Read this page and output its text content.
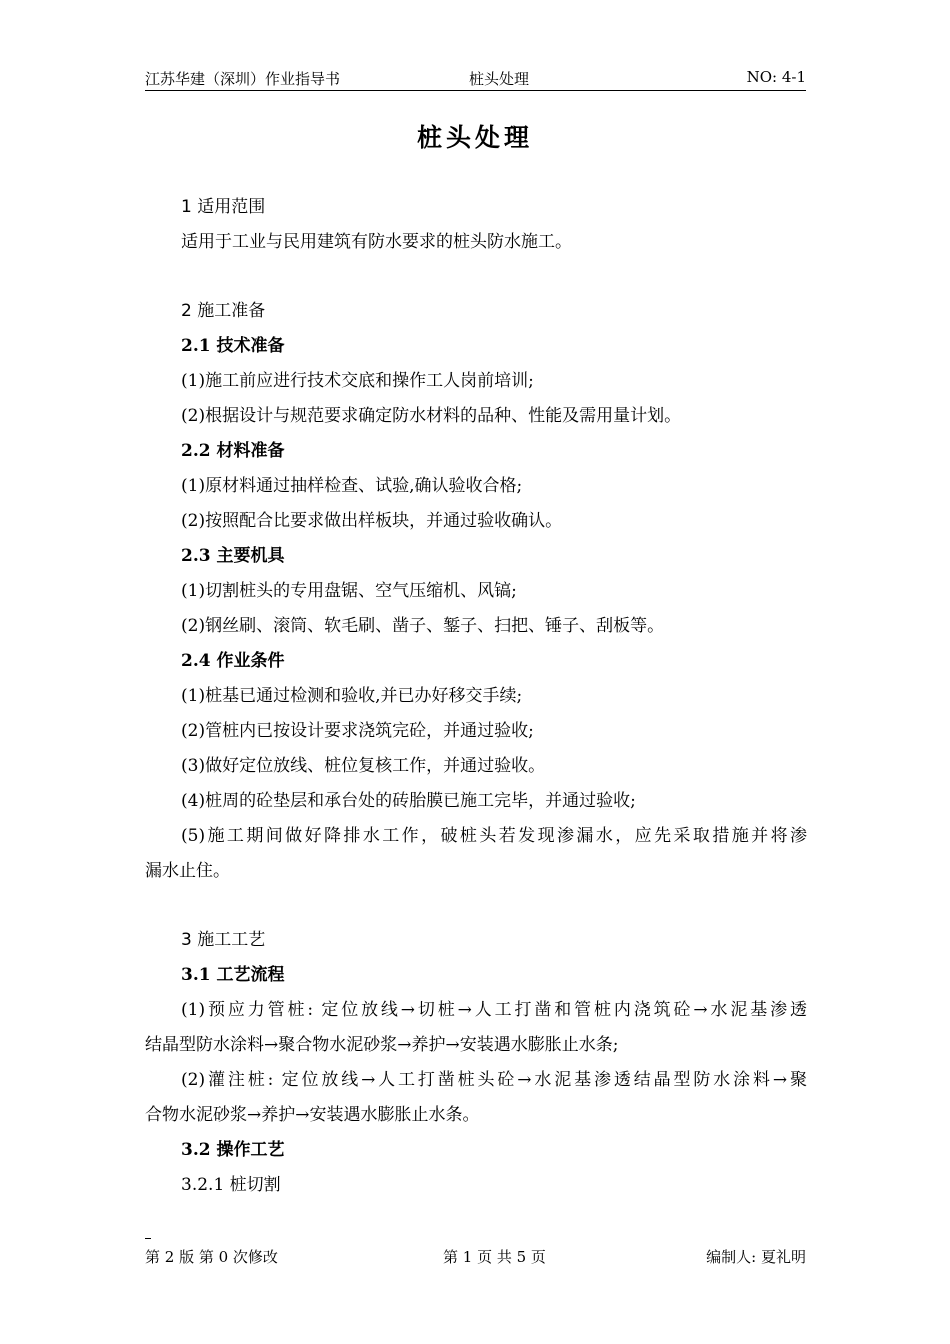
江苏华建（深圳）作业指导书	桩头处理	NO: 4-1
桩头处理
1 适用范围
适用于工业与民用建筑有防水要求的桩头防水施工。
2 施工准备
2.1 技术准备
(1)施工前应进行技术交底和操作工人岗前培训;
(2)根据设计与规范要求确定防水材料的品种、性能及需用量计划。
2.2 材料准备
(1)原材料通过抽样检查、试验,确认验收合格;
(2)按照配合比要求做出样板块，并通过验收确认。
2.3 主要机具
(1)切割桩头的专用盘锯、空气压缩机、风镐;
(2)钢丝刷、滚筒、软毛刷、凿子、錾子、扫把、锤子、刮板等。
2.4 作业条件
(1)桩基已通过检测和验收,并已办好移交手续;
(2)管桩内已按设计要求浇筑完砼，并通过验收;
(3)做好定位放线、桩位复核工作，并通过验收。
(4)桩周的砼垫层和承台处的砖胎膜已施工完毕，并通过验收;
(5)施工期间做好降排水工作，破桩头若发现渗漏水，应先采取措施并将渗
漏水止住。
3 施工工艺
3.1 工艺流程
(1)预应力管桩: 定位放线→切桩→人工打凿和管桩内浇筑砼→水泥基渗透
结晶型防水涂料→聚合物水泥砂浆→养护→安装遇水膨胀止水条;
(2)灌注桩: 定位放线→人工打凿桩头砼→水泥基渗透结晶型防水涂料→聚
合物水泥砂浆→养护→安装遇水膨胀止水条。
3.2 操作工艺
3.2.1 桩切割
第 2 版 第 0 次修改	第 1 页 共 5 页	编制人: 夏礼明
